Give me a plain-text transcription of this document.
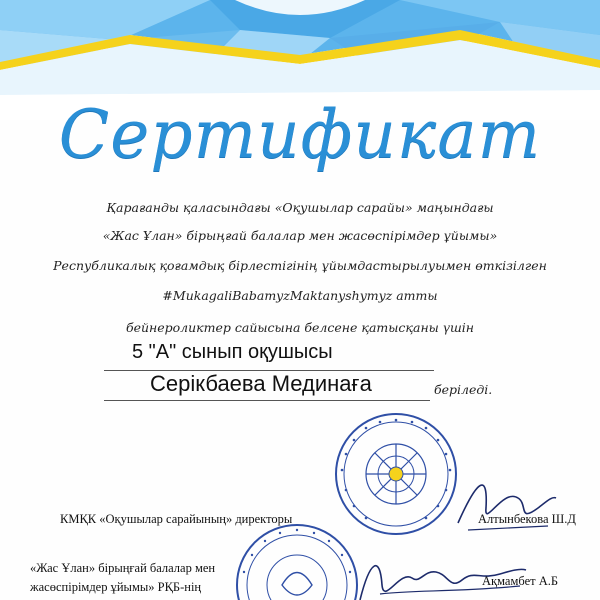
Сертификат
Қарағанды қаласындағы «Оқушылар сарайы» маңындағы
«Жас Ұлан» бірыңғай балалар мен жасөспірімдер ұйымы»
Республикалық қоғамдық бірлестігінің ұйымдастырылуымен өткізілген
#MukagaliBabamyzMaktanyshymyz атты
бейнероликтер сайысына белсене қатысқаны үшін
5 "А" сынып оқушысы
Серікбаева Мединаға	беріледі.
КМҚК «Оқушылар сарайының» директоры	Алтынбекова Ш.Д
«Жас Ұлан» бірыңғай балалар мен
жасөспірімдер ұйымы» РҚБ-нің	Ақмамбет А.Б
